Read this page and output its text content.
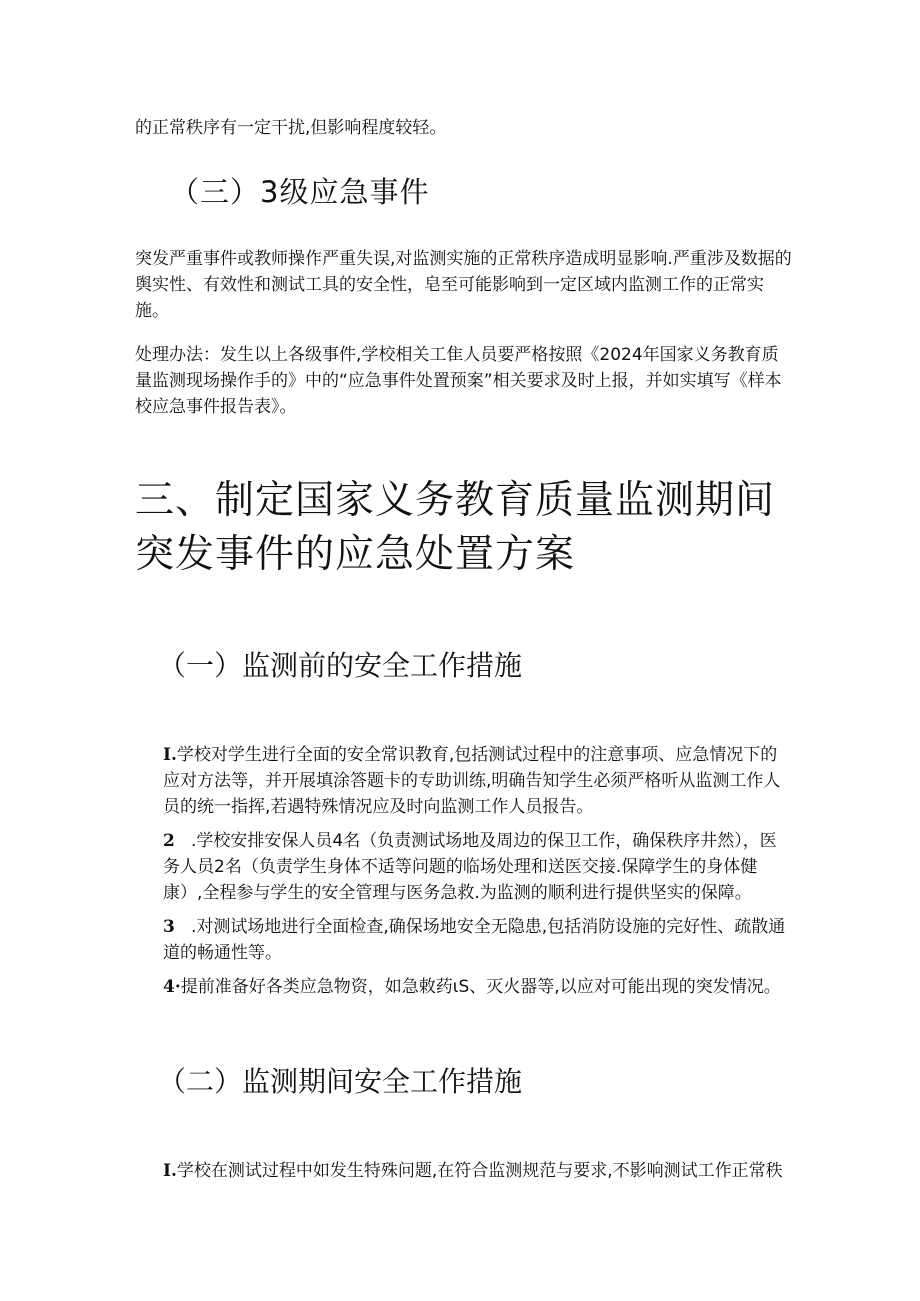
的正常秩序有一定干扰,但影响程度较轻。

（三）3级应急事件

突发严重事件或教师操作严重失误,对监测实施的正常秩序造成明显影响.严重涉及数据的舆实性、有效性和测试工具的安全性，皂至可能影响到一定区域内监测工作的正常实施。

处理办法：发生以上各级事件,学校相关工隹人员要严格按照《2024年国家义务教育质量监测现场操作手的》中的“应急事件处置预案”相关要求及时上报，并如实填写《样本校应急事件报告表》。

三、制定国家义务教育质量监测期间突发事件的应急处置方案
（一）监测前的安全工作措施
I.学校对学生进行全面的安全常识教育,包括测试过程中的注意事项、应急情况下的应对方法等，并开展填涂答题卡的专助训练,明确告知学生必须严格听从监测工作人员的统一指挥,若遇特殊情况应及时向监测工作人员报告。
2 .学校安排安保人员4名（负责测试场地及周边的保卫工作，确保秩序井然），医务人员2名（负责学生身体不适等问题的临场处理和送医交接.保障学生的身体健康）,全程参与学生的安全管理与医务急救.为监测的顺利进行提供坚实的保障。
3 .对测试场地进行全面检查,确保场地安全无隐患,包括消防设施的完好性、疏散通道的畅通性等。
4·提前准备好各类应急物资，如急敕药ιS、灭火器等,以应对可能出现的突发情况。
（二）监测期间安全工作措施
I.学校在测试过程中如发生特殊问题,在符合监测规范与要求,不影响测试工作正常秩
